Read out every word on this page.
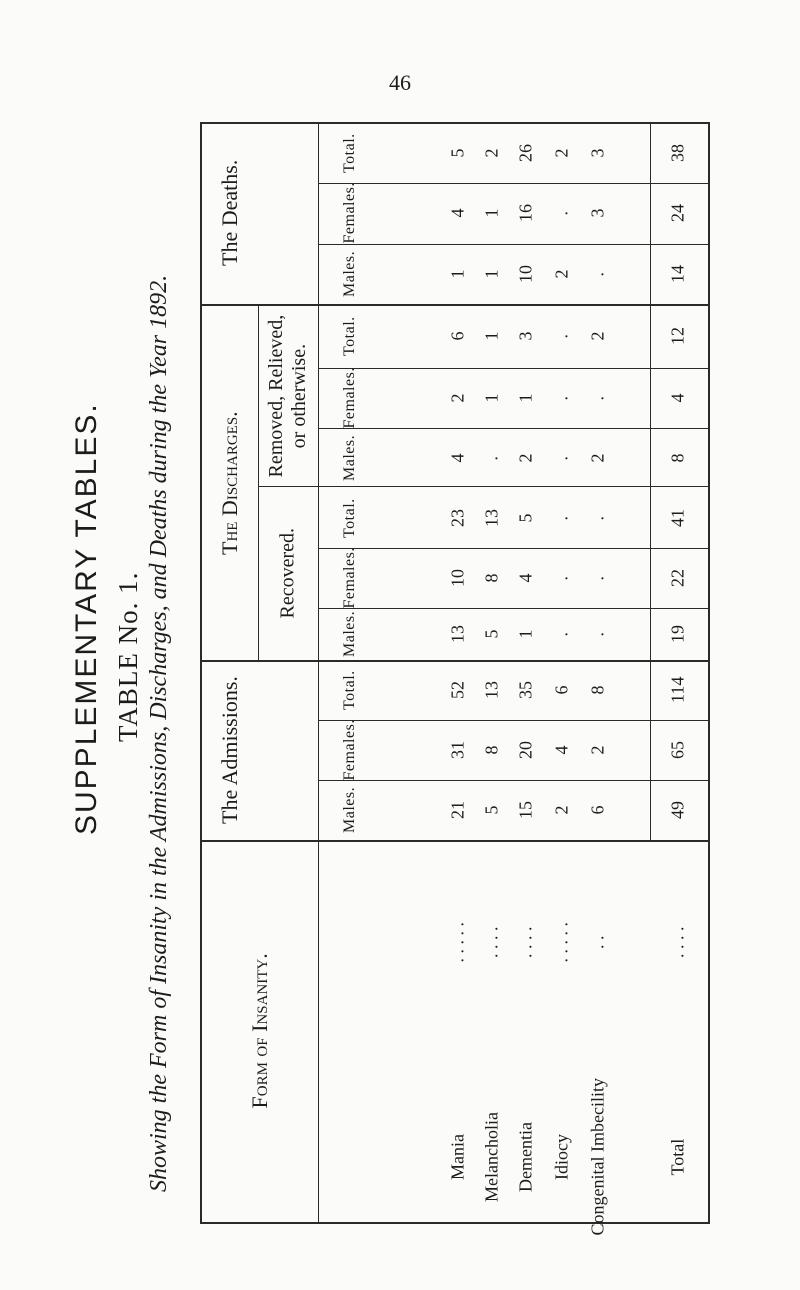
46
SUPPLEMENTARY TABLES. TABLE No. 1. Showing the Form of Insanity in the Admissions, Discharges, and Deaths during the Year 1892.
The Deaths.
The Discharges. Removed, Relieved,
or otherwise.
Recovered.
The Admissions.
Form of Insanity.
Males.
Females.
Total.
Males.
Females.
Total.
Males.
Females.
Total.
Males.
Females.
Total.
Mania
. . . . .
21
31
52
13
10
23
4
2
6
1
4
5
Melancholia
. . . .
5
8
13
5
8
13
.
1
1
1
1
2
Dementia
. . . .
15
20
35
1
4
5
2
1
3
10
16
26
Idiocy
. . . . .
2
4
6
.
.
.
.
.
.
2
.
2
Congenital Imbecility
. .
6
2
8
.
.
.
2
.
2
.
3
3
Total
. . . .
49
65
114
19
22
41
8
4
12
14
24
38
